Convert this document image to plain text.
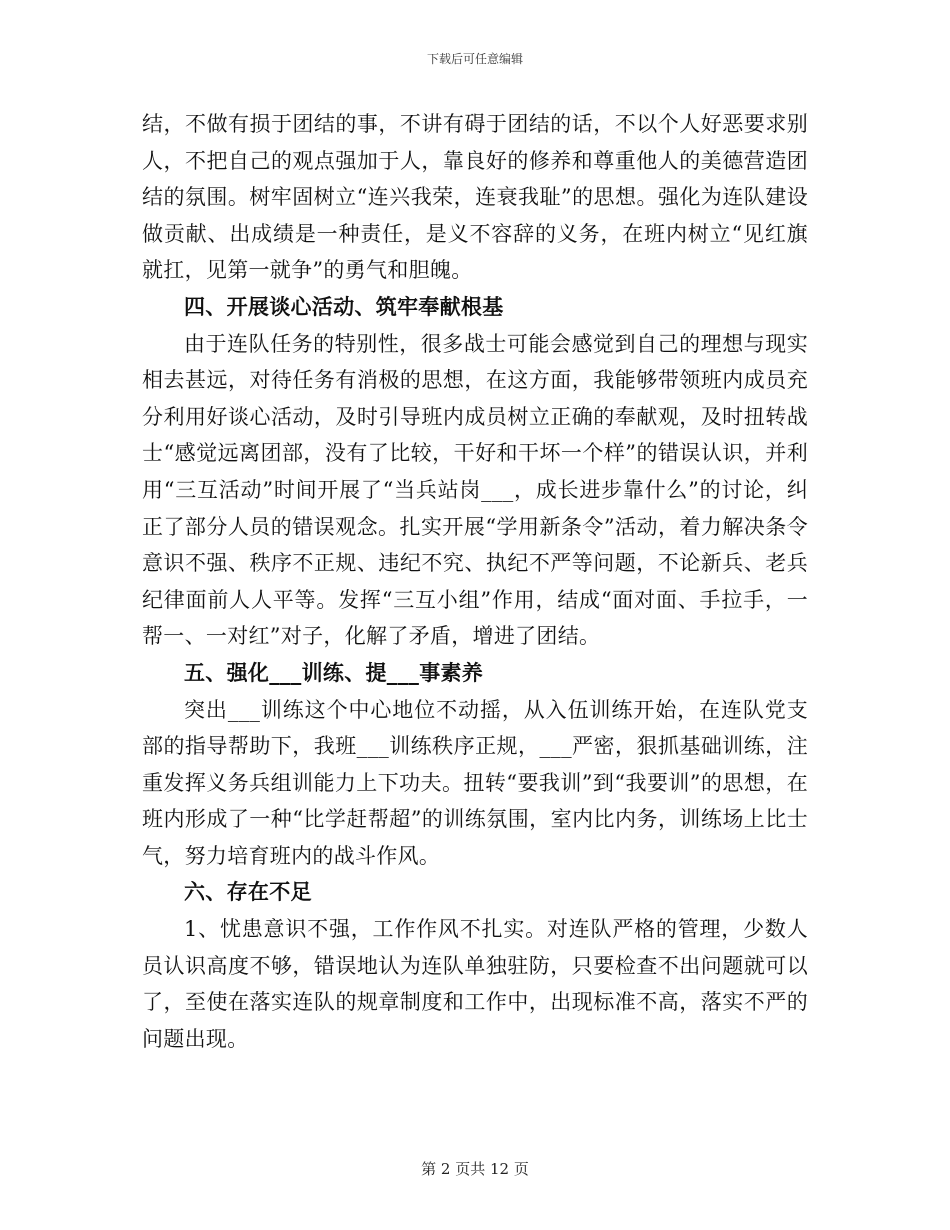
下载后可任意编辑

结，不做有损于团结的事，不讲有碍于团结的话，不以个人好恶要求别人，不把自己的观点强加于人，靠良好的修养和尊重他人的美德营造团结的氛围。树牢固树立“连兴我荣，连衰我耻”的思想。强化为连队建设做贡献、出成绩是一种责任，是义不容辞的义务，在班内树立“见红旗就扛，见第一就争”的勇气和胆魄。

四、开展谈心活动、筑牢奉献根基

由于连队任务的特别性，很多战士可能会感觉到自己的理想与现实相去甚远，对待任务有消极的思想，在这方面，我能够带领班内成员充分利用好谈心活动，及时引导班内成员树立正确的奉献观，及时扭转战士“感觉远离团部，没有了比较，干好和干坏一个样”的错误认识，并利用“三互活动”时间开展了“当兵站岗___，成长进步靠什么”的讨论，纠正了部分人员的错误观念。扎实开展“学用新条令”活动，着力解决条令意识不强、秩序不正规、违纪不究、执纪不严等问题，不论新兵、老兵纪律面前人人平等。发挥“三互小组”作用，结成“面对面、手拉手，一帮一、一对红”对子，化解了矛盾，增进了团结。

五、强化___训练、提___事素养

突出___训练这个中心地位不动摇，从入伍训练开始，在连队党支部的指导帮助下，我班___训练秩序正规，___严密，狠抓基础训练，注重发挥义务兵组训能力上下功夫。扭转“要我训”到“我要训”的思想，在班内形成了一种“比学赶帮超”的训练氛围，室内比内务，训练场上比士气，努力培育班内的战斗作风。

六、存在不足

1、忧患意识不强，工作作风不扎实。对连队严格的管理，少数人员认识高度不够，错误地认为连队单独驻防，只要检查不出问题就可以了，至使在落实连队的规章制度和工作中，出现标准不高，落实不严的问题出现。

第 2 页共 12 页
